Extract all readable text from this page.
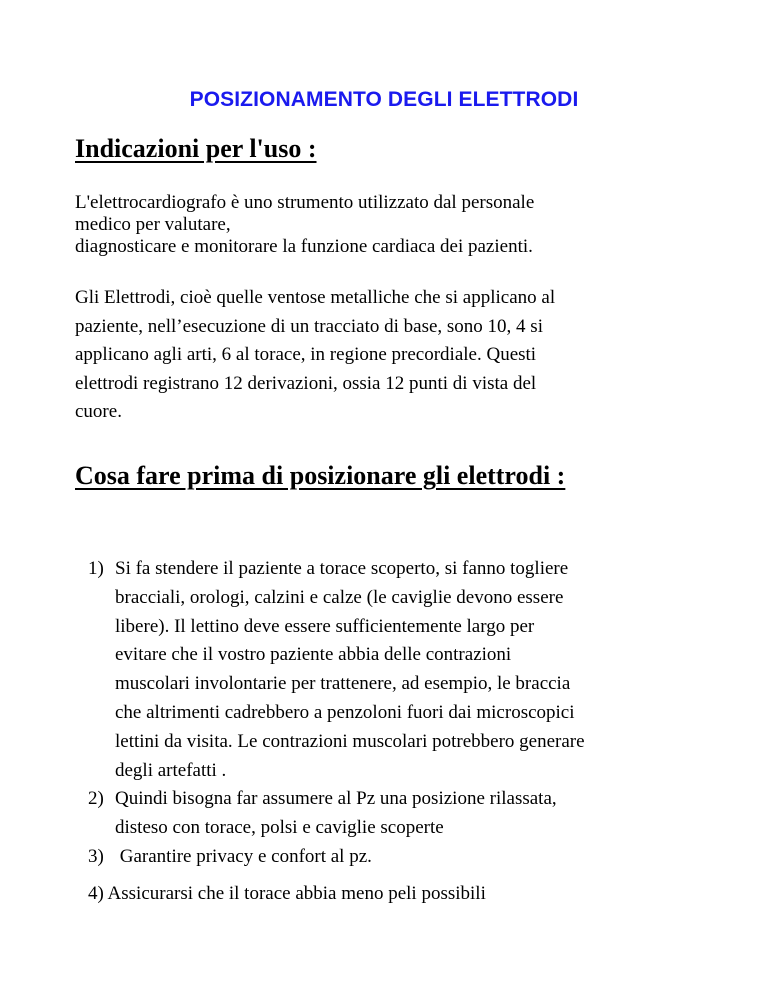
POSIZIONAMENTO DEGLI ELETTRODI
Indicazioni per l'uso :
L'elettrocardiografo è uno strumento utilizzato dal personale
medico per valutare,
diagnosticare e monitorare la funzione cardiaca dei pazienti.
Gli Elettrodi, cioè quelle ventose metalliche che si applicano al
paziente, nell’esecuzione di un tracciato di base, sono 10, 4 si
applicano agli arti, 6 al torace, in regione precordiale. Questi
elettrodi registrano 12 derivazioni, ossia 12 punti di vista del
cuore.
Cosa fare prima di posizionare gli elettrodi :
1) Si fa stendere il paziente a torace scoperto, si fanno togliere
bracciali, orologi, calzini e calze (le caviglie devono essere
libere). Il lettino deve essere sufficientemente largo per
evitare che il vostro paziente abbia delle contrazioni
muscolari involontarie per trattenere, ad esempio, le braccia
che altrimenti cadrebbero a penzoloni fuori dai microscopici
lettini da visita. Le contrazioni muscolari potrebbero generare
degli artefatti .
2) Quindi bisogna far assumere al Pz una posizione rilassata,
disteso con torace, polsi e caviglie scoperte
3) Garantire privacy e confort al pz.
4) Assicurarsi che il torace abbia meno peli possibili
